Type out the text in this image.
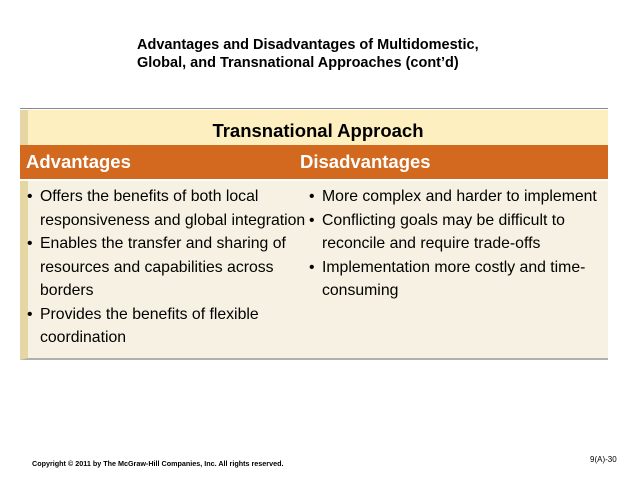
Advantages and Disadvantages of Multidomestic,
Global, and Transnational Approaches (cont’d)
Transnational Approach
Advantages	Disadvantages
• Offers the benefits of both local responsiveness and global integration
• Enables the transfer and sharing of resources and capabilities across borders
• Provides the benefits of flexible coordination
• More complex and harder to implement
• Conflicting goals may be difficult to reconcile and require trade-offs
• Implementation more costly and time-consuming
9(A)-30
Copyright © 2011 by The McGraw-Hill Companies, Inc. All rights reserved.
